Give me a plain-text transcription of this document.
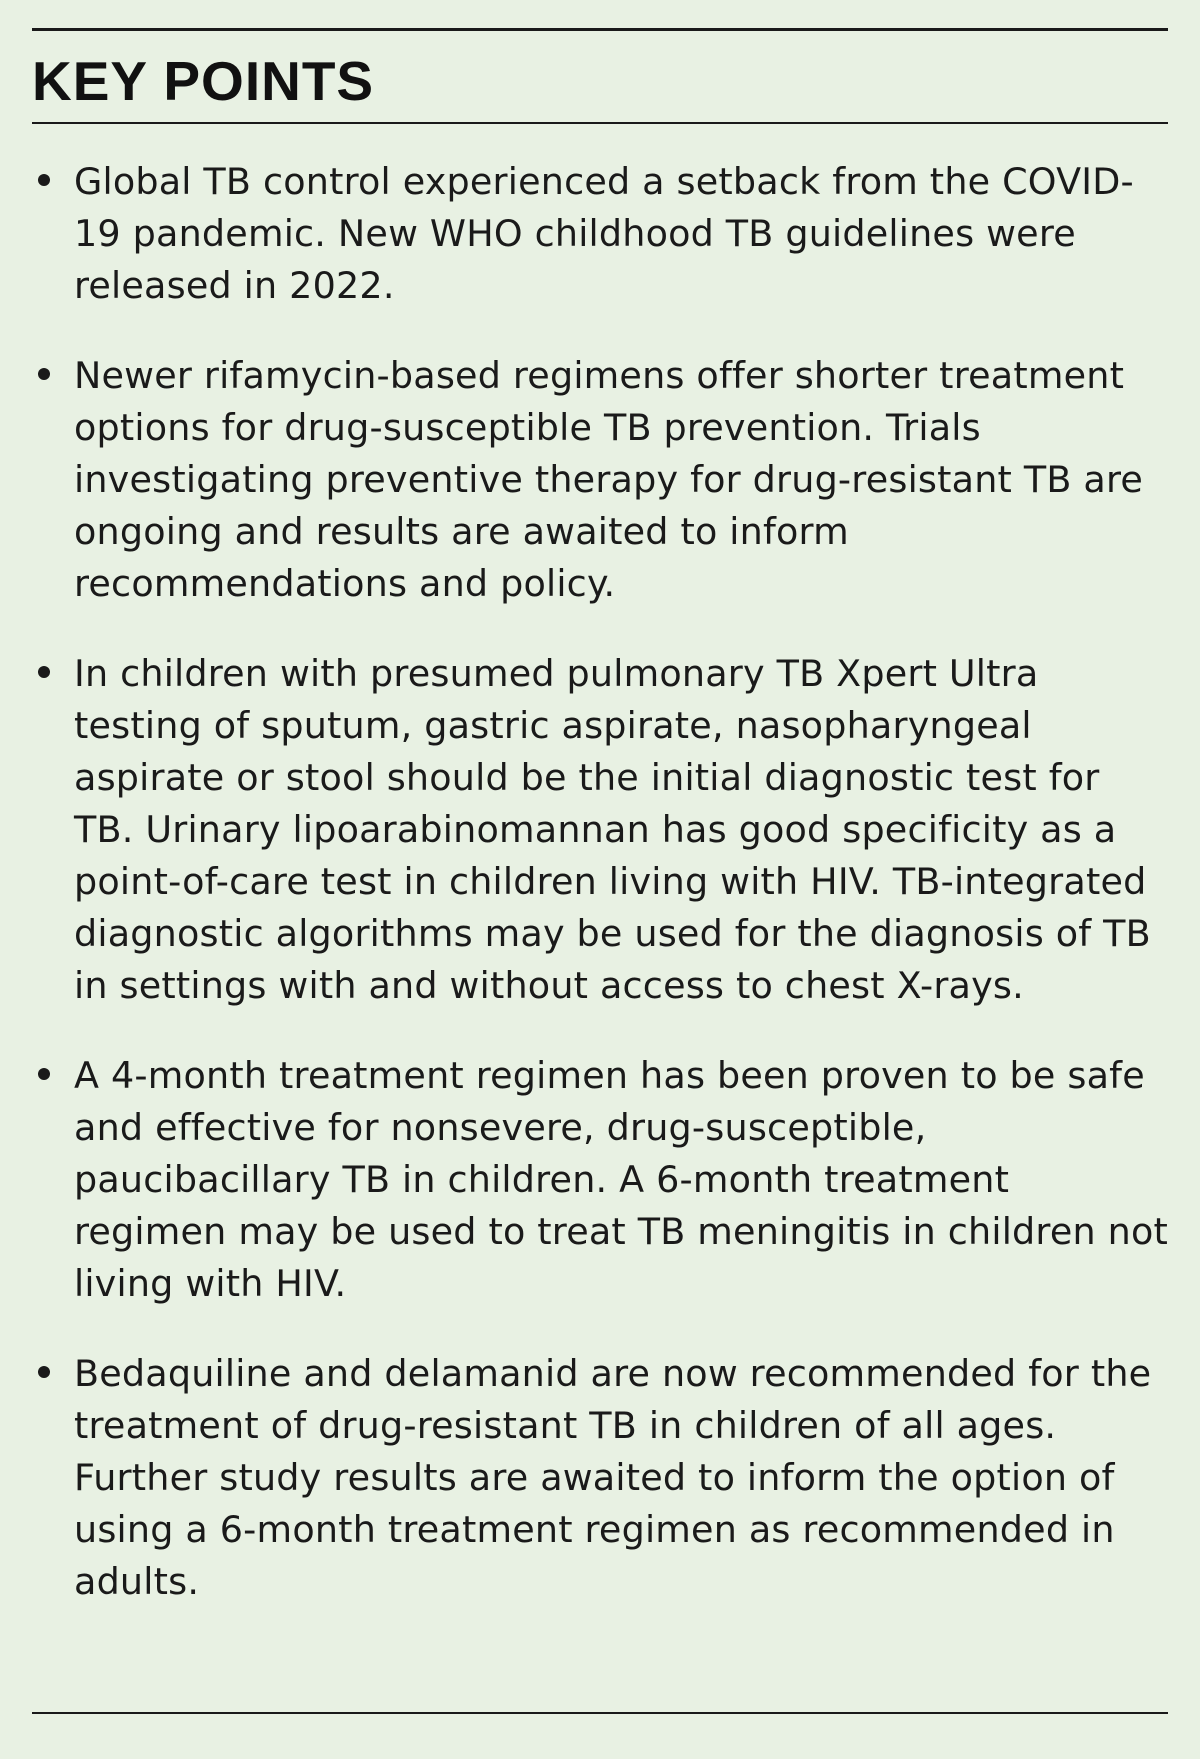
KEY POINTS
Global TB control experienced a setback from the COVID-19 pandemic. New WHO childhood TB guidelines were released in 2022.
Newer rifamycin-based regimens offer shorter treatment options for drug-susceptible TB prevention. Trials investigating preventive therapy for drug-resistant TB are ongoing and results are awaited to inform recommendations and policy.
In children with presumed pulmonary TB Xpert Ultra testing of sputum, gastric aspirate, nasopharyngeal aspirate or stool should be the initial diagnostic test for TB. Urinary lipoarabinomannan has good specificity as a point-of-care test in children living with HIV. TB-integrated diagnostic algorithms may be used for the diagnosis of TB in settings with and without access to chest X-rays.
A 4-month treatment regimen has been proven to be safe and effective for nonsevere, drug-susceptible, paucibacillary TB in children. A 6-month treatment regimen may be used to treat TB meningitis in children not living with HIV.
Bedaquiline and delamanid are now recommended for the treatment of drug-resistant TB in children of all ages. Further study results are awaited to inform the option of using a 6-month treatment regimen as recommended in adults.
